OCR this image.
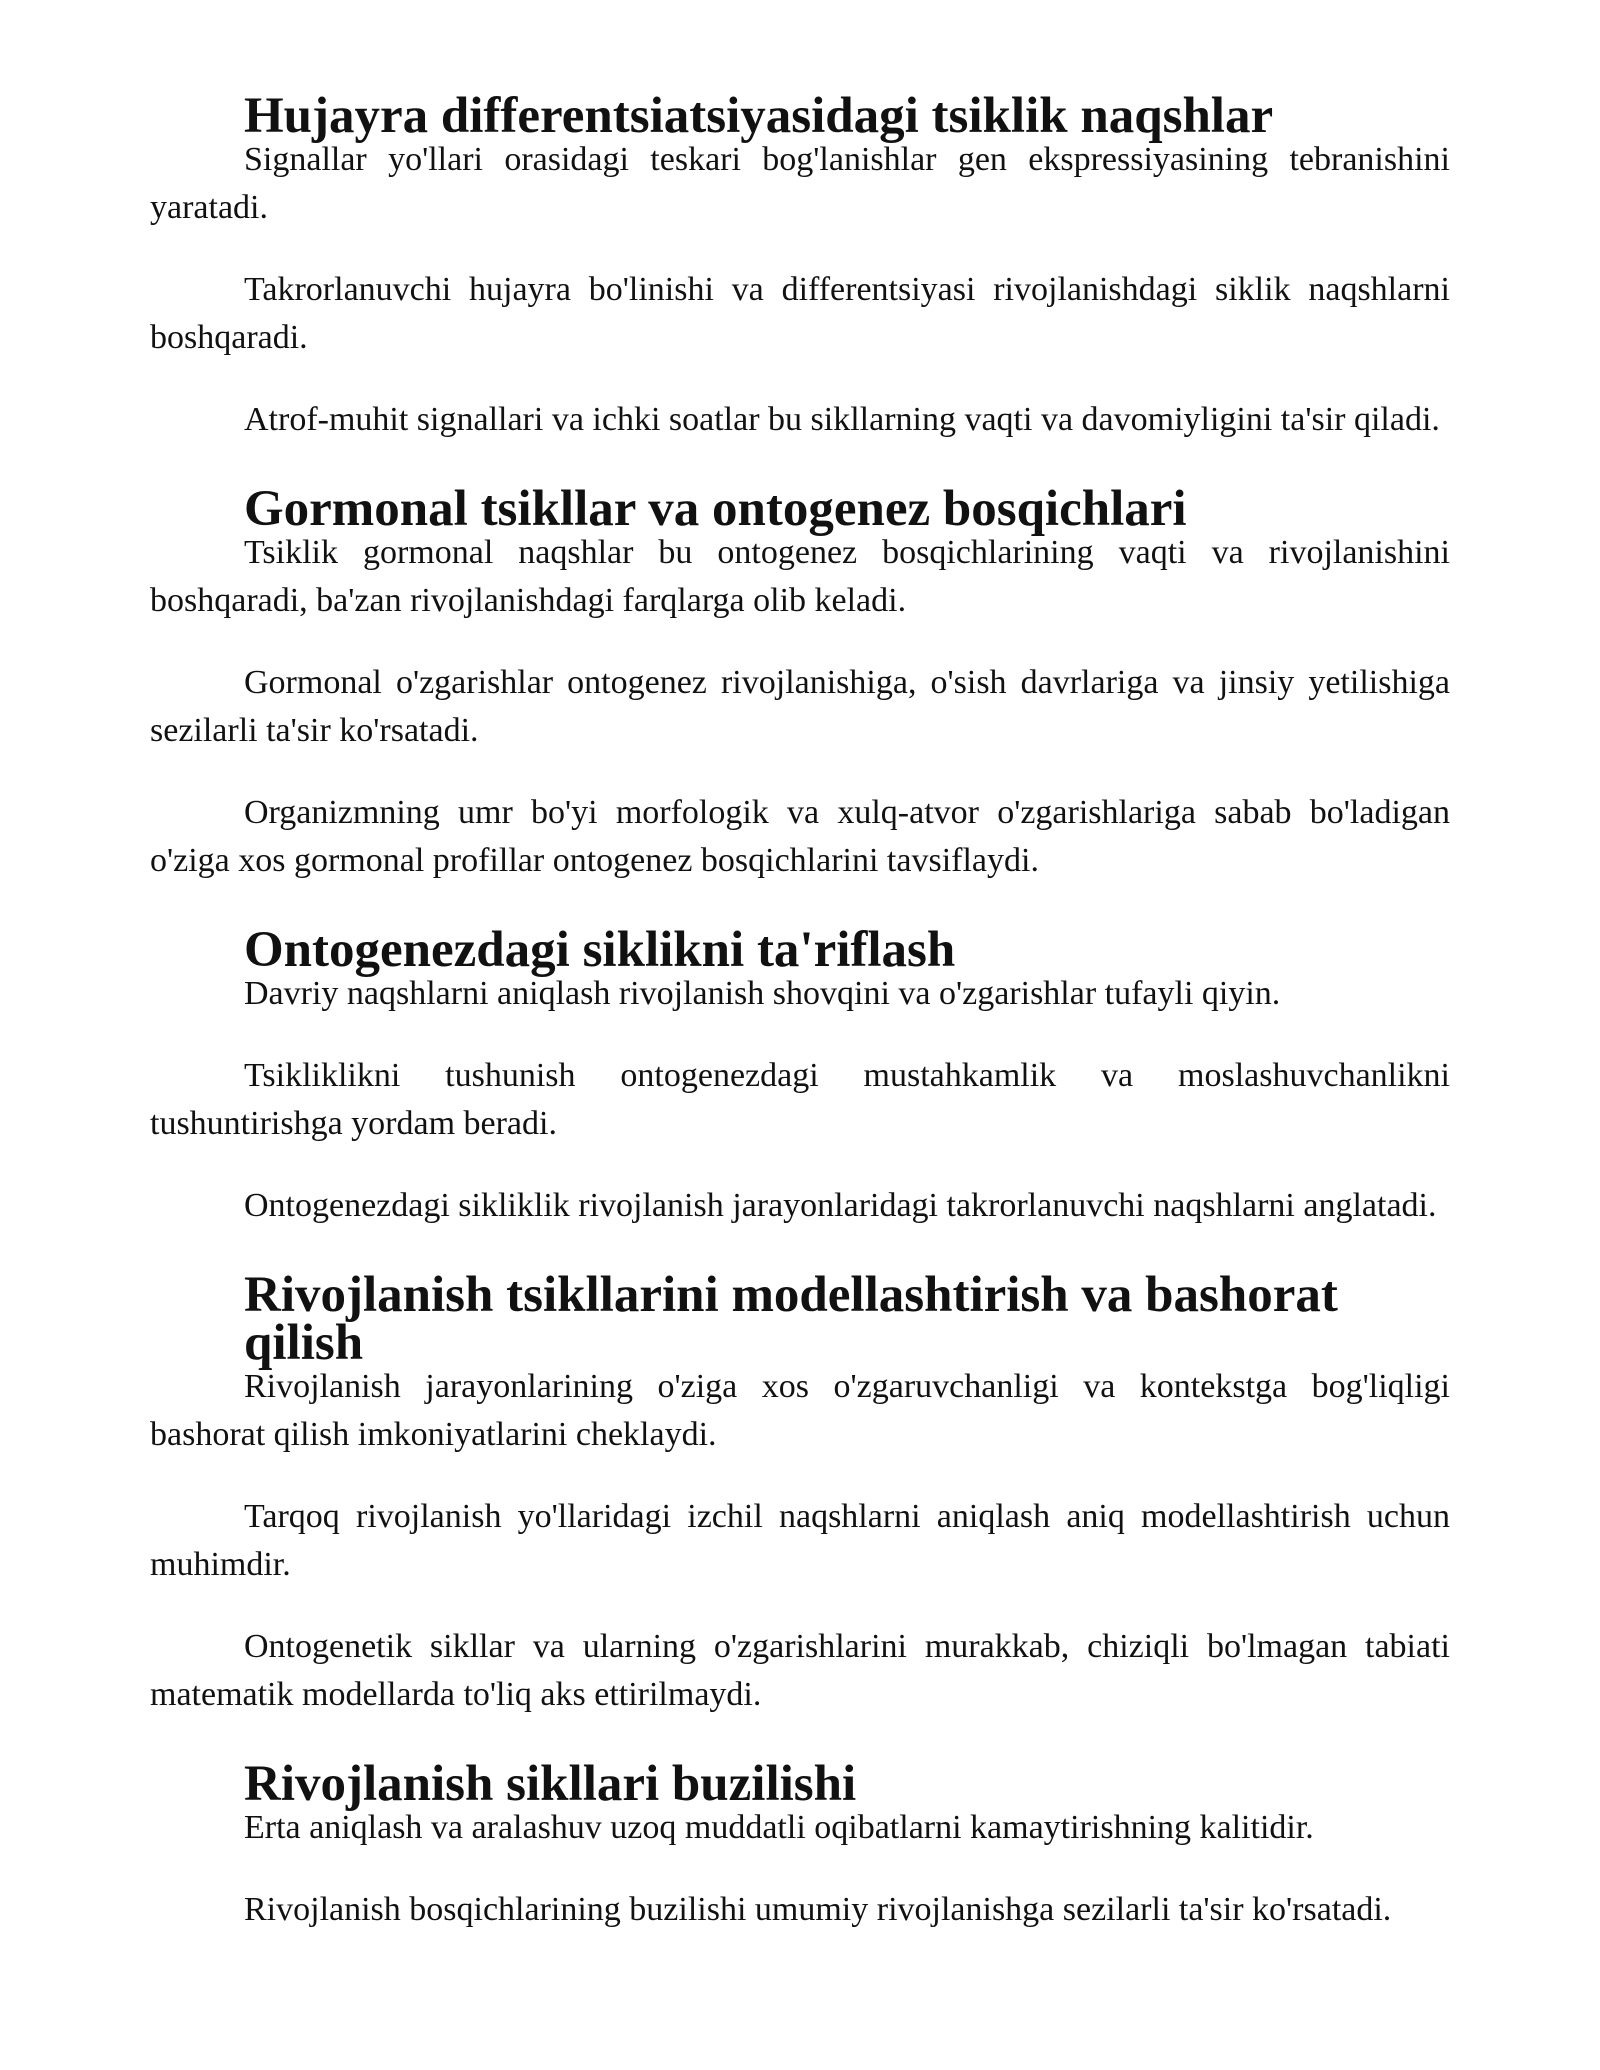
Hujayra differentsiatsiyasidagi tsiklik naqshlar

Signallar yo'llari orasidagi teskari bog'lanishlar gen ekspressiyasining tebranishini yaratadi.

Takrorlanuvchi hujayra bo'linishi va differentsiyasi rivojlanishdagi siklik naqshlarni boshqaradi.

Atrof-muhit signallari va ichki soatlar bu sikllarning vaqti va davomiyligini ta'sir qiladi.

Gormonal tsikllar va ontogenez bosqichlari

Tsiklik gormonal naqshlar bu ontogenez bosqichlarining vaqti va rivojlanishini boshqaradi, ba'zan rivojlanishdagi farqlarga olib keladi.

Gormonal o'zgarishlar ontogenez rivojlanishiga, o'sish davrlariga va jinsiy yetilishiga sezilarli ta'sir ko'rsatadi.

Organizmning umr bo'yi morfologik va xulq-atvor o'zgarishlariga sabab bo'ladigan o'ziga xos gormonal profillar ontogenez bosqichlarini tavsiflaydi.

Ontogenezdagi siklikni ta'riflash

Davriy naqshlarni aniqlash rivojlanish shovqini va o'zgarishlar tufayli qiyin.

Tsikliklikni tushunish ontogenezdagi mustahkamlik va moslashuvchanlikni tushuntirishga yordam beradi.

Ontogenezdagi sikliklik rivojlanish jarayonlaridagi takrorlanuvchi naqshlarni anglatadi.

Rivojlanish tsikllarini modellashtirish va bashorat qilish

Rivojlanish jarayonlarining o'ziga xos o'zgaruvchanligi va kontekstga bog'liqligi bashorat qilish imkoniyatlarini cheklaydi.

Tarqoq rivojlanish yo'llaridagi izchil naqshlarni aniqlash aniq modellashtirish uchun muhimdir.

Ontogenetik sikllar va ularning o'zgarishlarini murakkab, chiziqli bo'lmagan tabiati matematik modellarda to'liq aks ettirilmaydi.

Rivojlanish sikllari buzilishi

Erta aniqlash va aralashuv uzoq muddatli oqibatlarni kamaytirishning kalitidir.

Rivojlanish bosqichlarining buzilishi umumiy rivojlanishga sezilarli ta'sir ko'rsatadi.
